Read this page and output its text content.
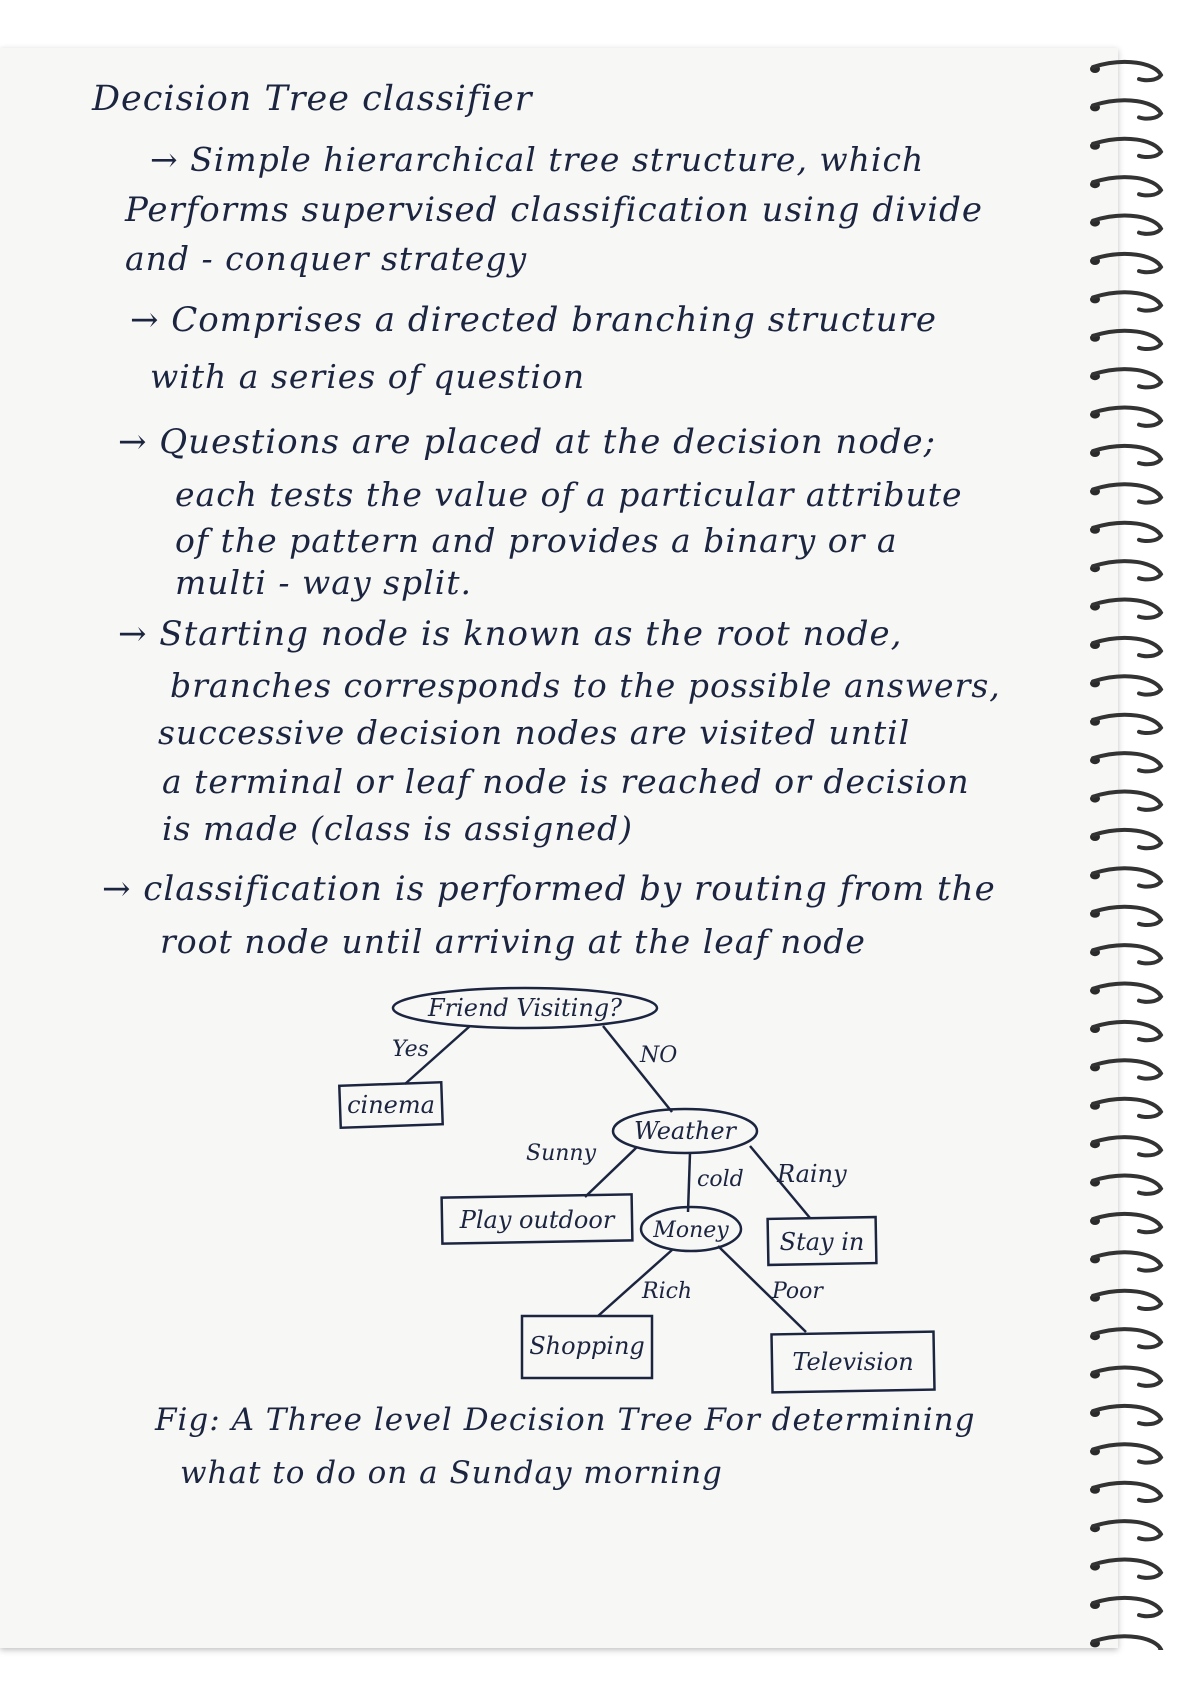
Decision Tree classifier
→ Simple hierarchical tree structure, which
Performs supervised classification using divide
and - conquer strategy
→ Comprises a directed branching structure
with a series of question
→ Questions are placed at the decision node;
each tests the value of a particular attribute
of the pattern and provides a binary or a
multi - way split.
→ Starting node is known as the root node,
branches corresponds to the possible answers,
successive decision nodes are visited until
a terminal or leaf node is reached or decision
is made (class is assigned)
→ classification is performed by routing from the
root node until arriving at the leaf node
Friend Visiting?
Yes	NO
cinema
Weather
Sunny
cold Rainy
Play outdoor Money Stay in
Rich	Poor
Shopping
Television
Fig: A Three level Decision Tree For determining
what to do on a Sunday morning
